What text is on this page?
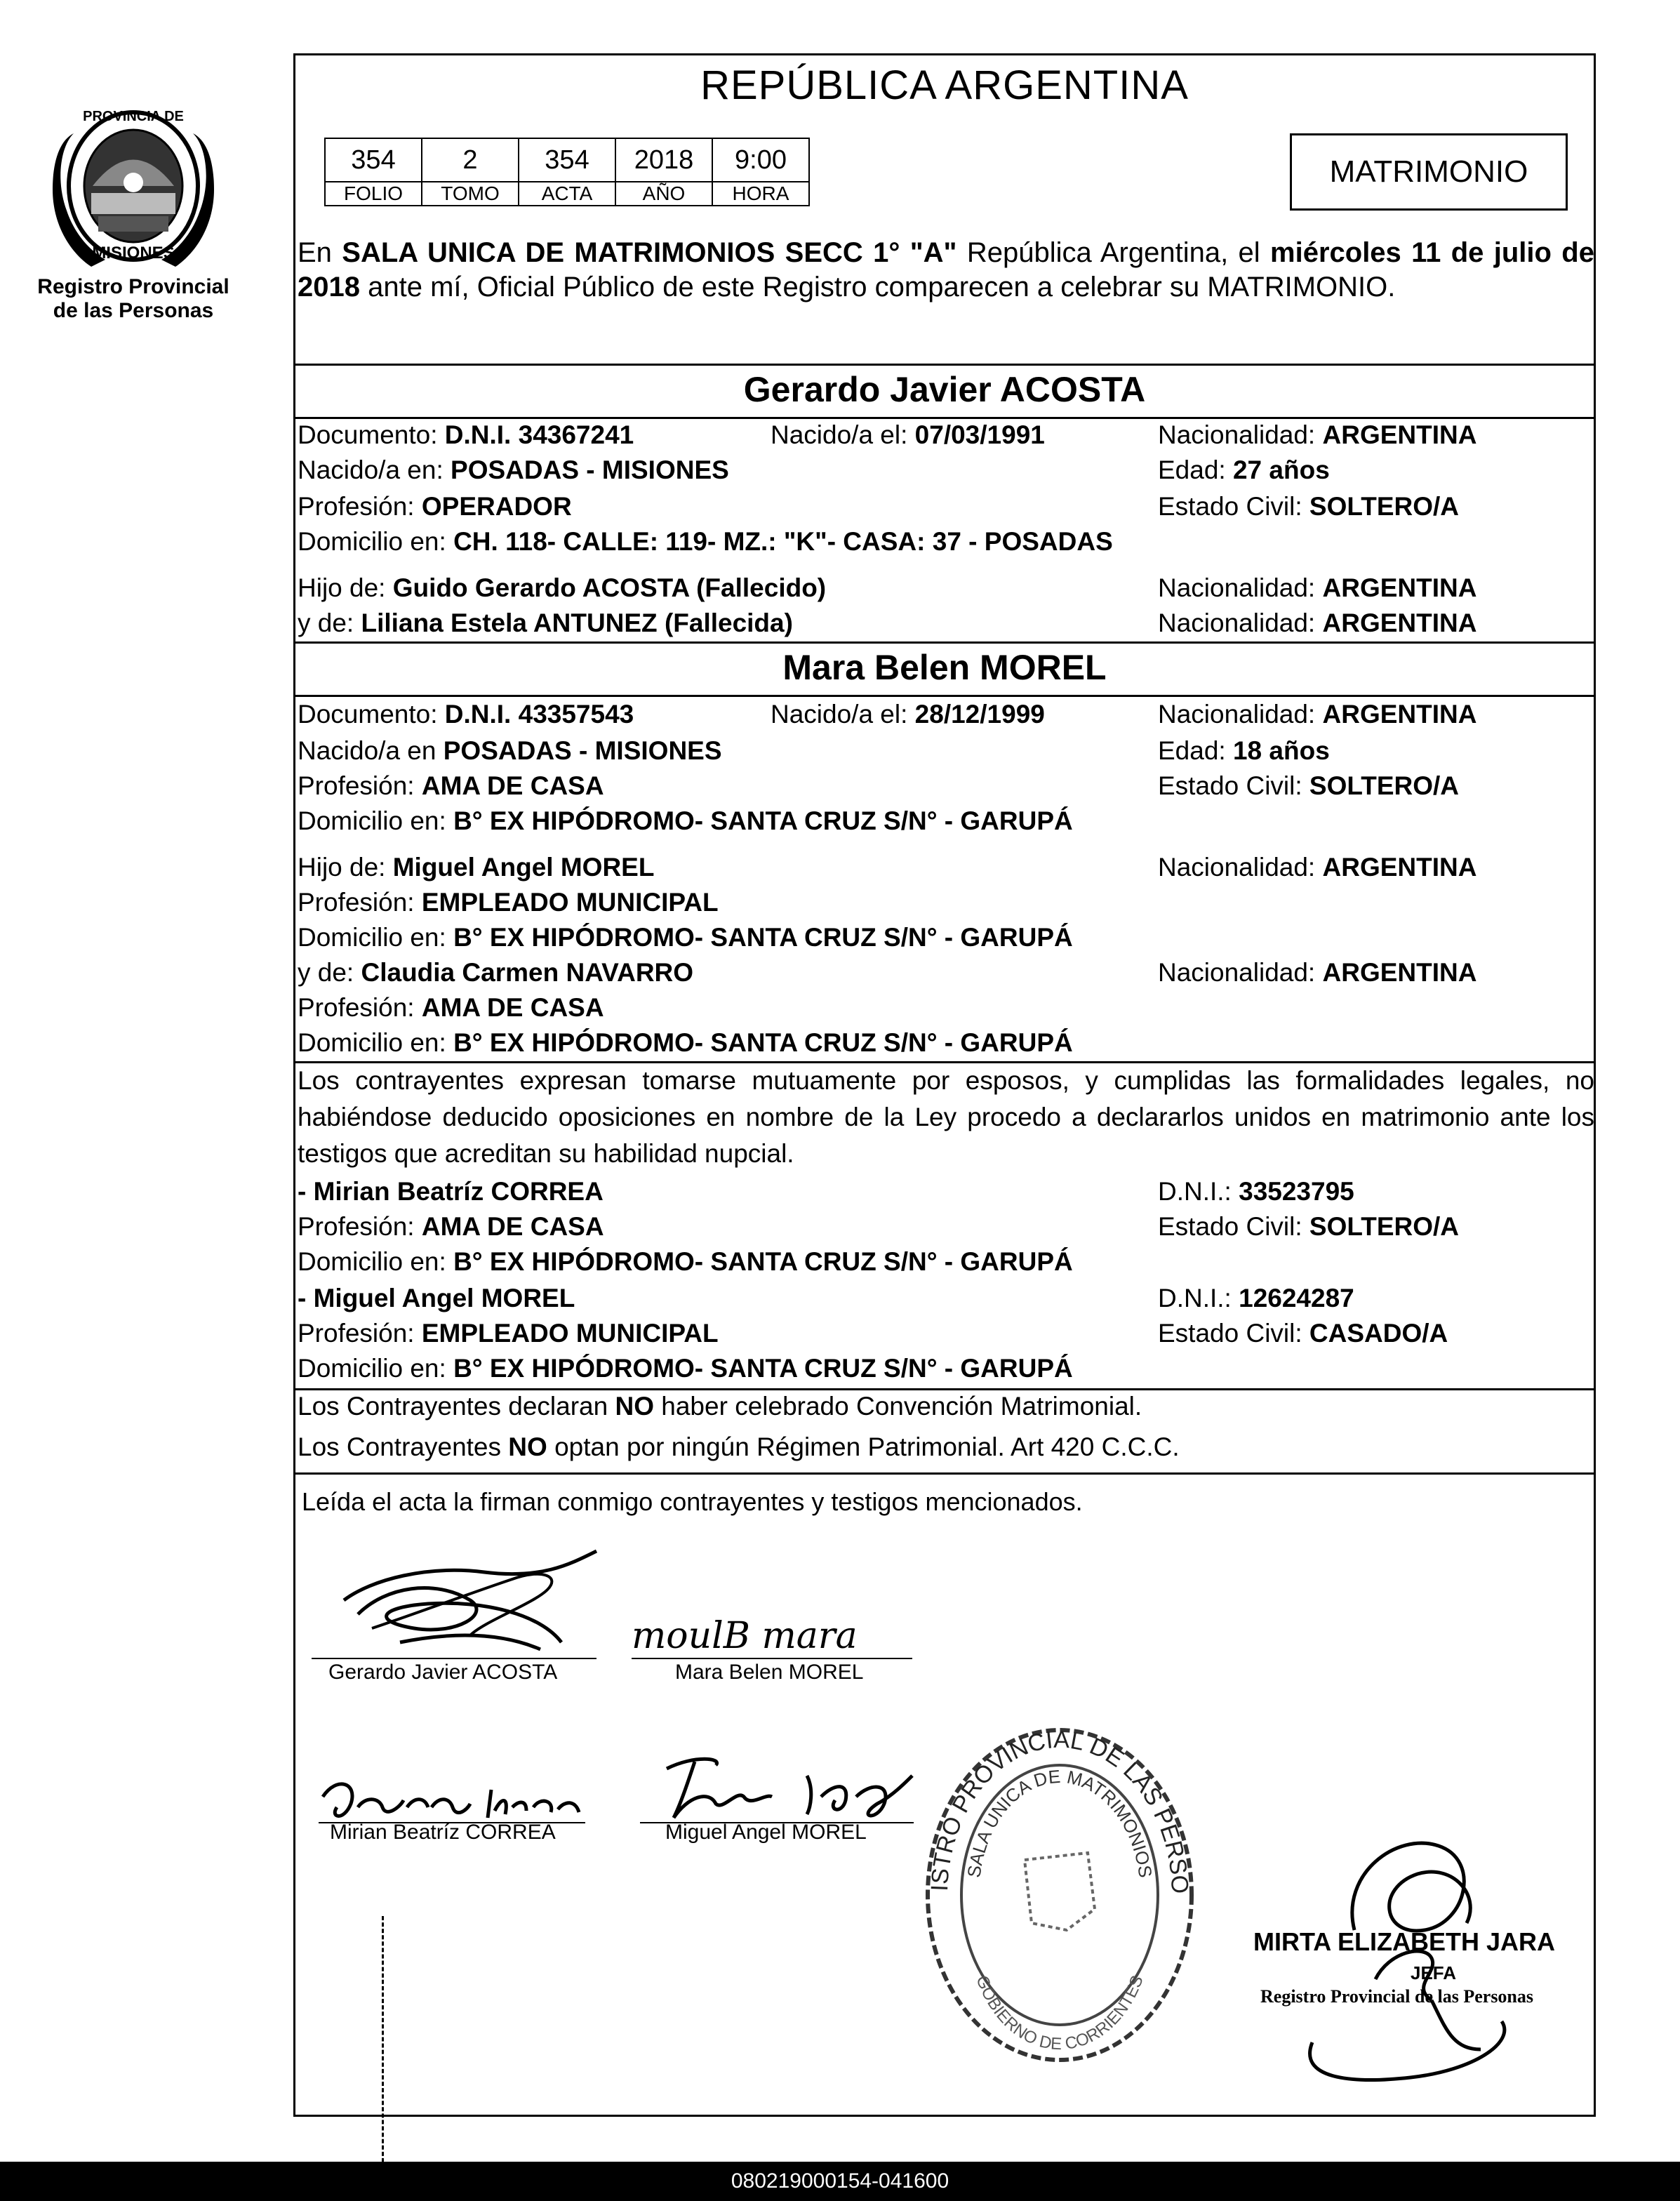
PROVINCIA DE
MISIONES
Registro Provincial
de las Personas
REPÚBLICA ARGENTINA
354	2	354	2018	9:00
FOLIO	TOMO	ACTA	AÑO	HORA
MATRIMONIO
En SALA UNICA DE MATRIMONIOS SECC 1° "A" República Argentina, el miércoles 11 de julio de 2018 ante mí, Oficial Público de este Registro comparecen a celebrar su MATRIMONIO.
Gerardo Javier ACOSTA
Documento: D.N.I. 34367241	Nacido/a el: 07/03/1991	Nacionalidad: ARGENTINA
Nacido/a en: POSADAS - MISIONES	Edad: 27 años
Profesión: OPERADOR	Estado Civil: SOLTERO/A
Domicilio en: CH. 118- CALLE: 119- MZ.: "K"- CASA: 37 - POSADAS
Hijo de: Guido Gerardo ACOSTA (Fallecido)	Nacionalidad: ARGENTINA
y de: Liliana Estela ANTUNEZ (Fallecida)	Nacionalidad: ARGENTINA
Mara Belen MOREL
Documento: D.N.I. 43357543	Nacido/a el: 28/12/1999	Nacionalidad: ARGENTINA
Nacido/a en POSADAS - MISIONES	Edad: 18 años
Profesión: AMA DE CASA	Estado Civil: SOLTERO/A
Domicilio en: B° EX HIPÓDROMO- SANTA CRUZ S/N° - GARUPÁ
Hijo de: Miguel Angel MOREL	Nacionalidad: ARGENTINA
Profesión: EMPLEADO MUNICIPAL
Domicilio en: B° EX HIPÓDROMO- SANTA CRUZ S/N° - GARUPÁ
y de: Claudia Carmen NAVARRO	Nacionalidad: ARGENTINA
Profesión: AMA DE CASA
Domicilio en: B° EX HIPÓDROMO- SANTA CRUZ S/N° - GARUPÁ
Los contrayentes expresan tomarse mutuamente por esposos, y cumplidas las formalidades legales, no habiéndose deducido oposiciones en nombre de la Ley procedo a declararlos unidos en matrimonio ante los testigos que acreditan su habilidad nupcial.
- Mirian Beatríz CORREA	D.N.I.: 33523795
Profesión: AMA DE CASA	Estado Civil: SOLTERO/A
Domicilio en: B° EX HIPÓDROMO- SANTA CRUZ S/N° - GARUPÁ
- Miguel Angel MOREL	D.N.I.: 12624287
Profesión: EMPLEADO MUNICIPAL	Estado Civil: CASADO/A
Domicilio en: B° EX HIPÓDROMO- SANTA CRUZ S/N° - GARUPÁ
Los Contrayentes declaran NO haber celebrado Convención Matrimonial.
Los Contrayentes NO optan por ningún Régimen Patrimonial. Art 420 C.C.C.
Leída el acta la firman conmigo contrayentes y testigos mencionados.
Gerardo Javier ACOSTA
moulB mara
Mara Belen MOREL
Mirian Beatríz CORREA	Miguel Angel MOREL
REGISTRO PROVINCIAL DE LAS PERSONAS
SALA UNICA DE MATRIMONIOS
GOBIERNO DE CORRIENTES
MIRTA ELIZABETH JARA
JEFA
Registro Provincial de las Personas
080219000154-041600
